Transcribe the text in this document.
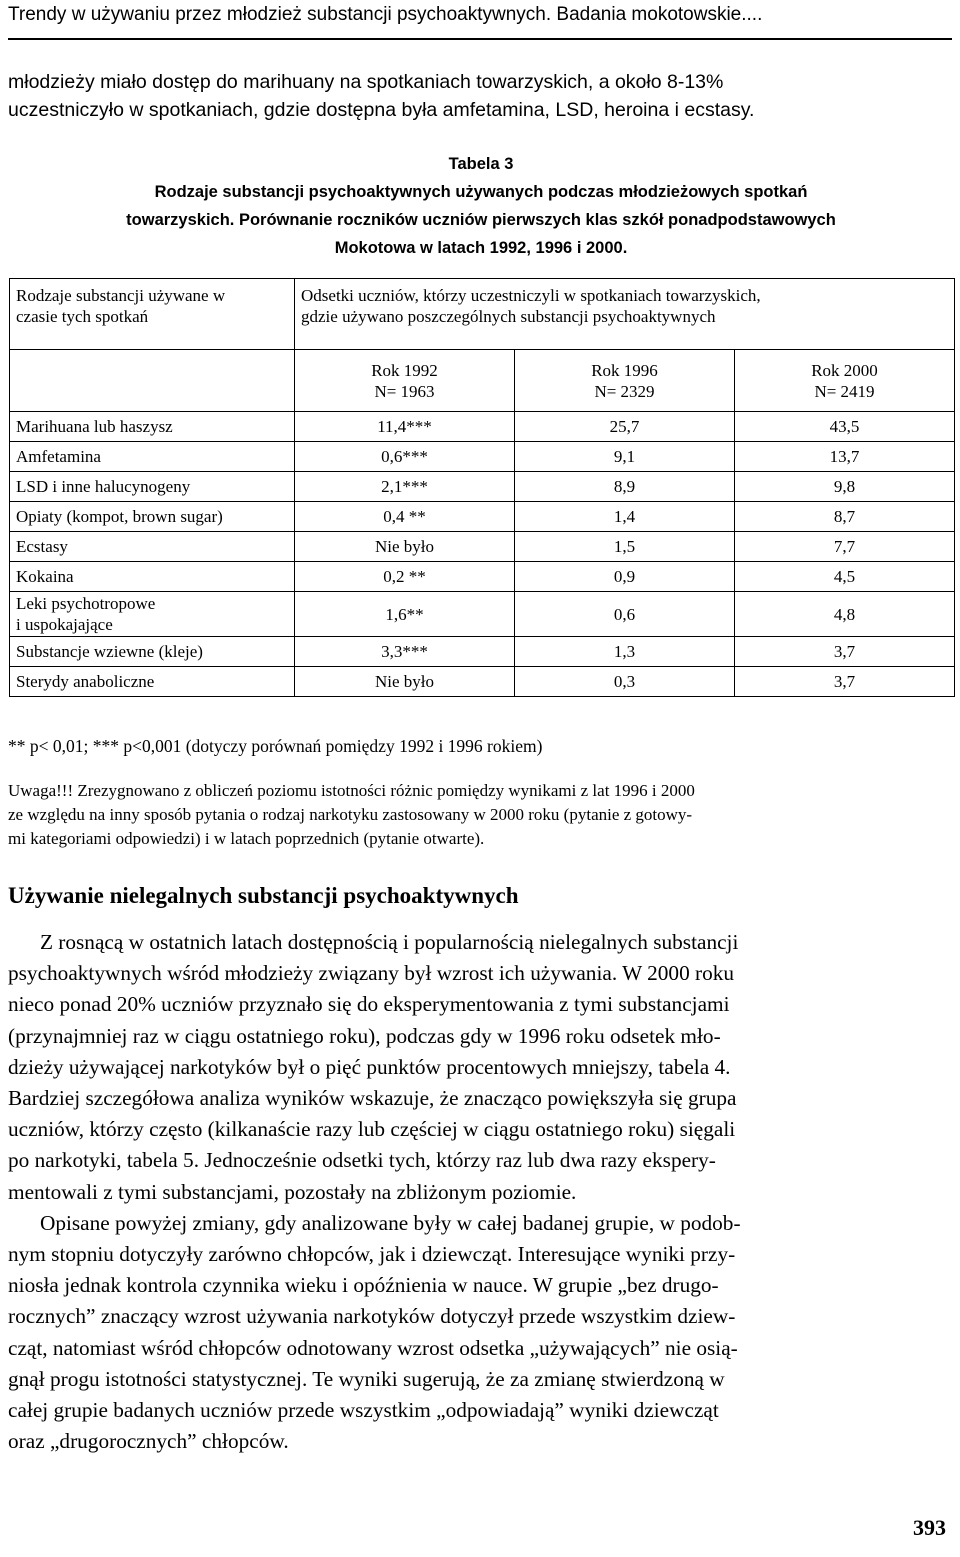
Trendy w używaniu przez młodzież substancji psychoaktywnych. Badania mokotowskie....
młodzieży miało dostęp do marihuany na spotkaniach towarzyskich, a około 8-13%
uczestniczyło w spotkaniach, gdzie dostępna była amfetamina, LSD, heroina i ecstasy.
Tabela 3
Rodzaje substancji psychoaktywnych używanych podczas młodzieżowych spotkań
towarzyskich. Porównanie roczników uczniów pierwszych klas szkół ponadpodstawowych
Mokotowa w latach 1992, 1996 i 2000.
Rodzaje substancji używane w
czasie tych spotkań	Odsetki uczniów, którzy uczestniczyli w spotkaniach towarzyskich,
gdzie używano poszczególnych substancji psychoaktywnych		

	Rok 1992
N= 1963	Rok 1996
N= 2329	Rok 2000
N= 2419

Marihuana lub haszysz	11,4***	25,7	43,5
Amfetamina	0,6***	9,1	13,7
LSD i inne halucynogeny	2,1***	8,9	9,8
Opiaty (kompot, brown sugar)	0,4 **	1,4	8,7
Ecstasy	Nie było	1,5	7,7
Kokaina	0,2 **	0,9	4,5

Leki psychotropowe
i uspokajające	1,6**	0,6	4,8
Substancje wziewne (kleje)	3,3***	1,3	3,7
Sterydy anaboliczne	Nie było	0,3	3,7
** p< 0,01; *** p<0,001 (dotyczy porównań pomiędzy 1992 i 1996 rokiem)
Uwaga!!! Zrezygnowano z obliczeń poziomu istotności różnic pomiędzy wynikami z lat 1996 i 2000
ze względu na inny sposób pytania o rodzaj narkotyku zastosowany w 2000 roku (pytanie z gotowy-
mi kategoriami odpowiedzi) i w latach poprzednich (pytanie otwarte).
Używanie nielegalnych substancji psychoaktywnych
Z rosnącą w ostatnich latach dostępnością i popularnością nielegalnych substancji
psychoaktywnych wśród młodzieży związany był wzrost ich używania. W 2000 roku
nieco ponad 20% uczniów przyznało się do eksperymentowania z tymi substancjami
(przynajmniej raz w ciągu ostatniego roku), podczas gdy w 1996 roku odsetek mło-
dzieży używającej narkotyków był o pięć punktów procentowych mniejszy, tabela 4.
Bardziej szczegółowa analiza wyników wskazuje, że znacząco powiększyła się grupa
uczniów, którzy często (kilkanaście razy lub częściej w ciągu ostatniego roku) sięgali
po narkotyki, tabela 5. Jednocześnie odsetki tych, którzy raz lub dwa razy ekspery-
mentowali z tymi substancjami, pozostały na zbliżonym poziomie.
Opisane powyżej zmiany, gdy analizowane były w całej badanej grupie, w podob-
nym stopniu dotyczyły zarówno chłopców, jak i dziewcząt. Interesujące wyniki przy-
niosła jednak kontrola czynnika wieku i opóźnienia w nauce. W grupie „bez drugo-
rocznych” znaczący wzrost używania narkotyków dotyczył przede wszystkim dziew-
cząt, natomiast wśród chłopców odnotowany wzrost odsetka „używających” nie osią-
gnął progu istotności statystycznej. Te wyniki sugerują, że za zmianę stwierdzoną w
całej grupie badanych uczniów przede wszystkim „odpowiadają” wyniki dziewcząt
oraz „drugorocznych” chłopców.
393
